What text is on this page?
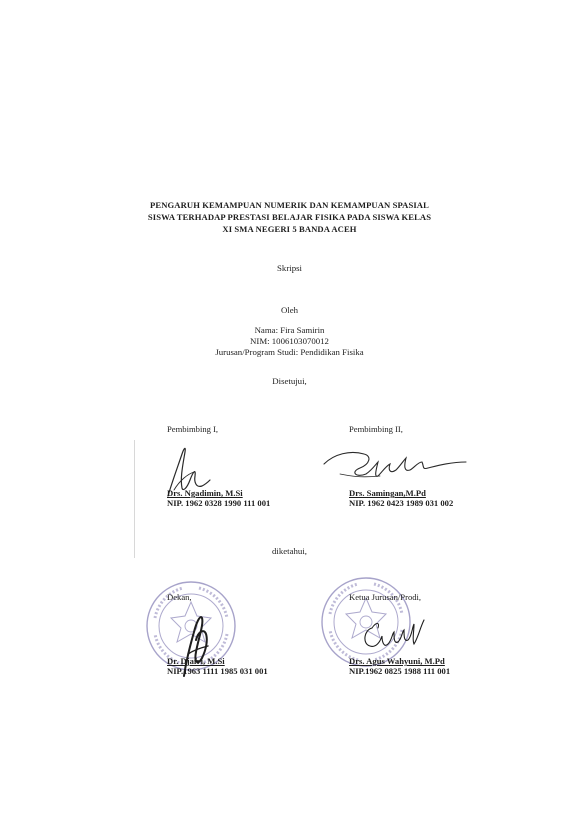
PENGARUH KEMAMPUAN NUMERIK DAN KEMAMPUAN SPASIAL
SISWA TERHADAP PRESTASI BELAJAR FISIKA PADA SISWA KELAS
XI SMA NEGERI 5 BANDA ACEH
Skripsi
Oleh
Nama: Fira Samirin
NIM: 1006103070012
Jurusan/Program Studi: Pendidikan Fisika
Disetujui,
Pembimbing I,
Drs. Ngadimin, M.Si
NIP. 1962 0328 1990 111 001
Pembimbing II,
Drs. Samingan,M.Pd
NIP. 1962 0423 1989 031 002
diketahui,
Dekan,
Dr. Djafri, M.Si
NIP.1963 1111 1985 031 001
Ketua Jurusan/Prodi,
Drs. Agus Wahyuni, M.Pd
NIP.1962 0825 1988 111 001
